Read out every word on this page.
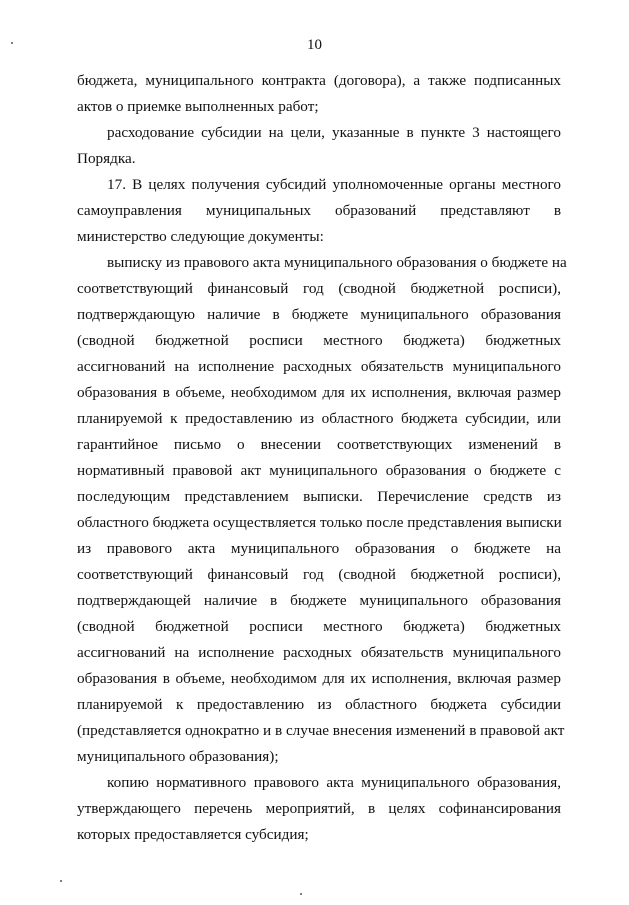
10
бюджета, муниципального контракта (договора), а также подписанных
актов о приемке выполненных работ;
расходование субсидии на цели, указанные в пункте 3 настоящего
Порядка.
17. В целях получения субсидий уполномоченные органы местного
самоуправления муниципальных образований представляют в
министерство следующие документы:
выписку из правового акта муниципального образования о бюджете на
соответствующий финансовый год (сводной бюджетной росписи),
подтверждающую наличие в бюджете муниципального образования
(сводной бюджетной росписи местного бюджета) бюджетных
ассигнований на исполнение расходных обязательств муниципального
образования в объеме, необходимом для их исполнения, включая размер
планируемой к предоставлению из областного бюджета субсидии, или
гарантийное письмо о внесении соответствующих изменений в
нормативный правовой акт муниципального образования о бюджете с
последующим представлением выписки. Перечисление средств из
областного бюджета осуществляется только после представления выписки
из правового акта муниципального образования о бюджете на
соответствующий финансовый год (сводной бюджетной росписи),
подтверждающей наличие в бюджете муниципального образования
(сводной бюджетной росписи местного бюджета) бюджетных
ассигнований на исполнение расходных обязательств муниципального
образования в объеме, необходимом для их исполнения, включая размер
планируемой к предоставлению из областного бюджета субсидии
(представляется однократно и в случае внесения изменений в правовой акт
муниципального образования);
копию нормативного правового акта муниципального образования,
утверждающего перечень мероприятий, в целях софинансирования
которых предоставляется субсидия;
